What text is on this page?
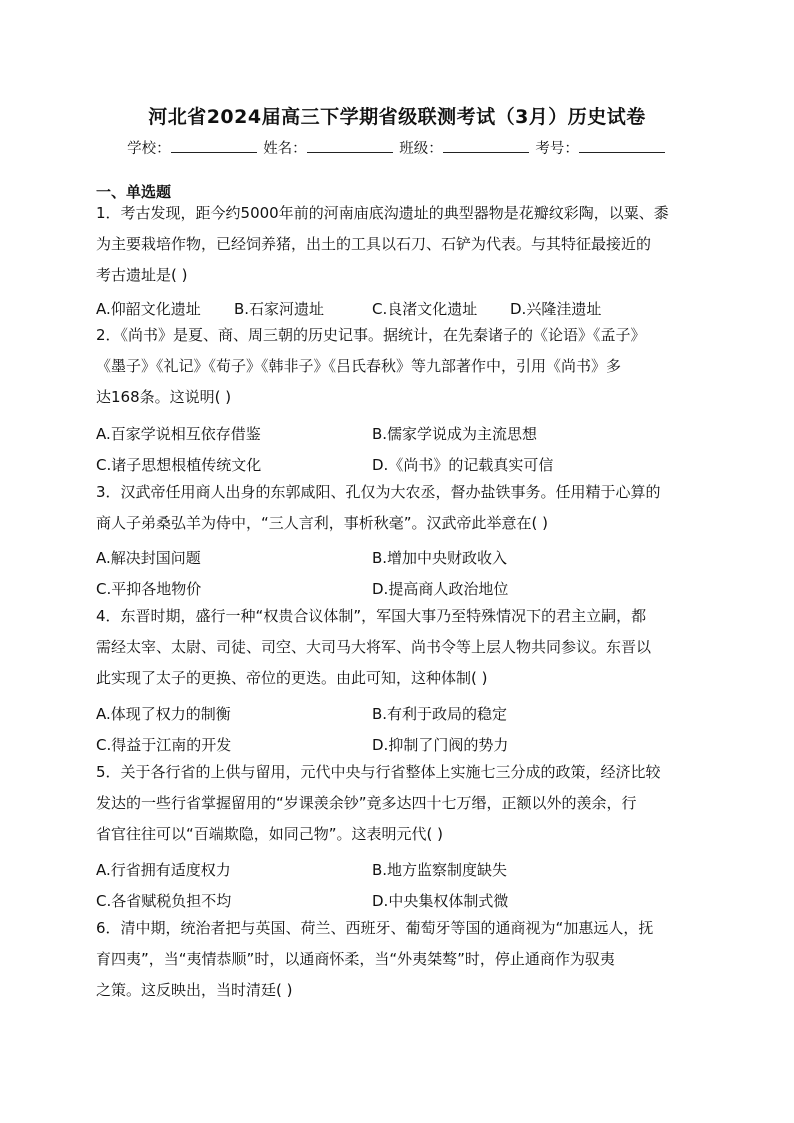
河北省2024届高三下学期省级联测考试（3月）历史试卷
学校：	姓名：	班级：	考号：
一、单选题
1．考古发现，距今约5000年前的河南庙底沟遗址的典型器物是花瓣纹彩陶，以粟、黍
为主要栽培作物，已经饲养猪，出土的工具以石刀、石铲为代表。与其特征最接近的
考古遗址是( )
A.仰韶文化遗址 B.石家河遗址	C.良渚文化遗址 D.兴隆洼遗址
2．《尚书》是夏、商、周三朝的历史记事。据统计，在先秦诸子的《论语》《孟子》
《墨子》《礼记》《荀子》《韩非子》《吕氏春秋》等九部著作中，引用《尚书》多
达168条。这说明( )
A.百家学说相互依存借鉴	B.儒家学说成为主流思想
C.诸子思想根植传统文化	D.《尚书》的记载真实可信
3．汉武帝任用商人出身的东郭咸阳、孔仅为大农丞，督办盐铁事务。任用精于心算的
商人子弟桑弘羊为侍中，“三人言利，事析秋毫”。汉武帝此举意在( )
A.解决封国问题	B.增加中央财政收入
C.平抑各地物价	D.提高商人政治地位
4．东晋时期，盛行一种“权贵合议体制”，军国大事乃至特殊情况下的君主立嗣，都
需经太宰、太尉、司徒、司空、大司马大将军、尚书令等上层人物共同参议。东晋以
此实现了太子的更换、帝位的更迭。由此可知，这种体制( )
A.体现了权力的制衡	B.有利于政局的稳定
C.得益于江南的开发	D.抑制了门阀的势力
5．关于各行省的上供与留用，元代中央与行省整体上实施七三分成的政策，经济比较
发达的一些行省掌握留用的“岁课羡余钞”竟多达四十七万缗，正额以外的羡余，行
省官往往可以“百端欺隐，如同己物”。这表明元代( )
A.行省拥有适度权力	B.地方监察制度缺失
C.各省赋税负担不均	D.中央集权体制式微
6．清中期，统治者把与英国、荷兰、西班牙、葡萄牙等国的通商视为“加惠远人，抚
育四夷”，当“夷情恭顺”时，以通商怀柔，当“外夷桀骜”时，停止通商作为驭夷
之策。这反映出，当时清廷( )
